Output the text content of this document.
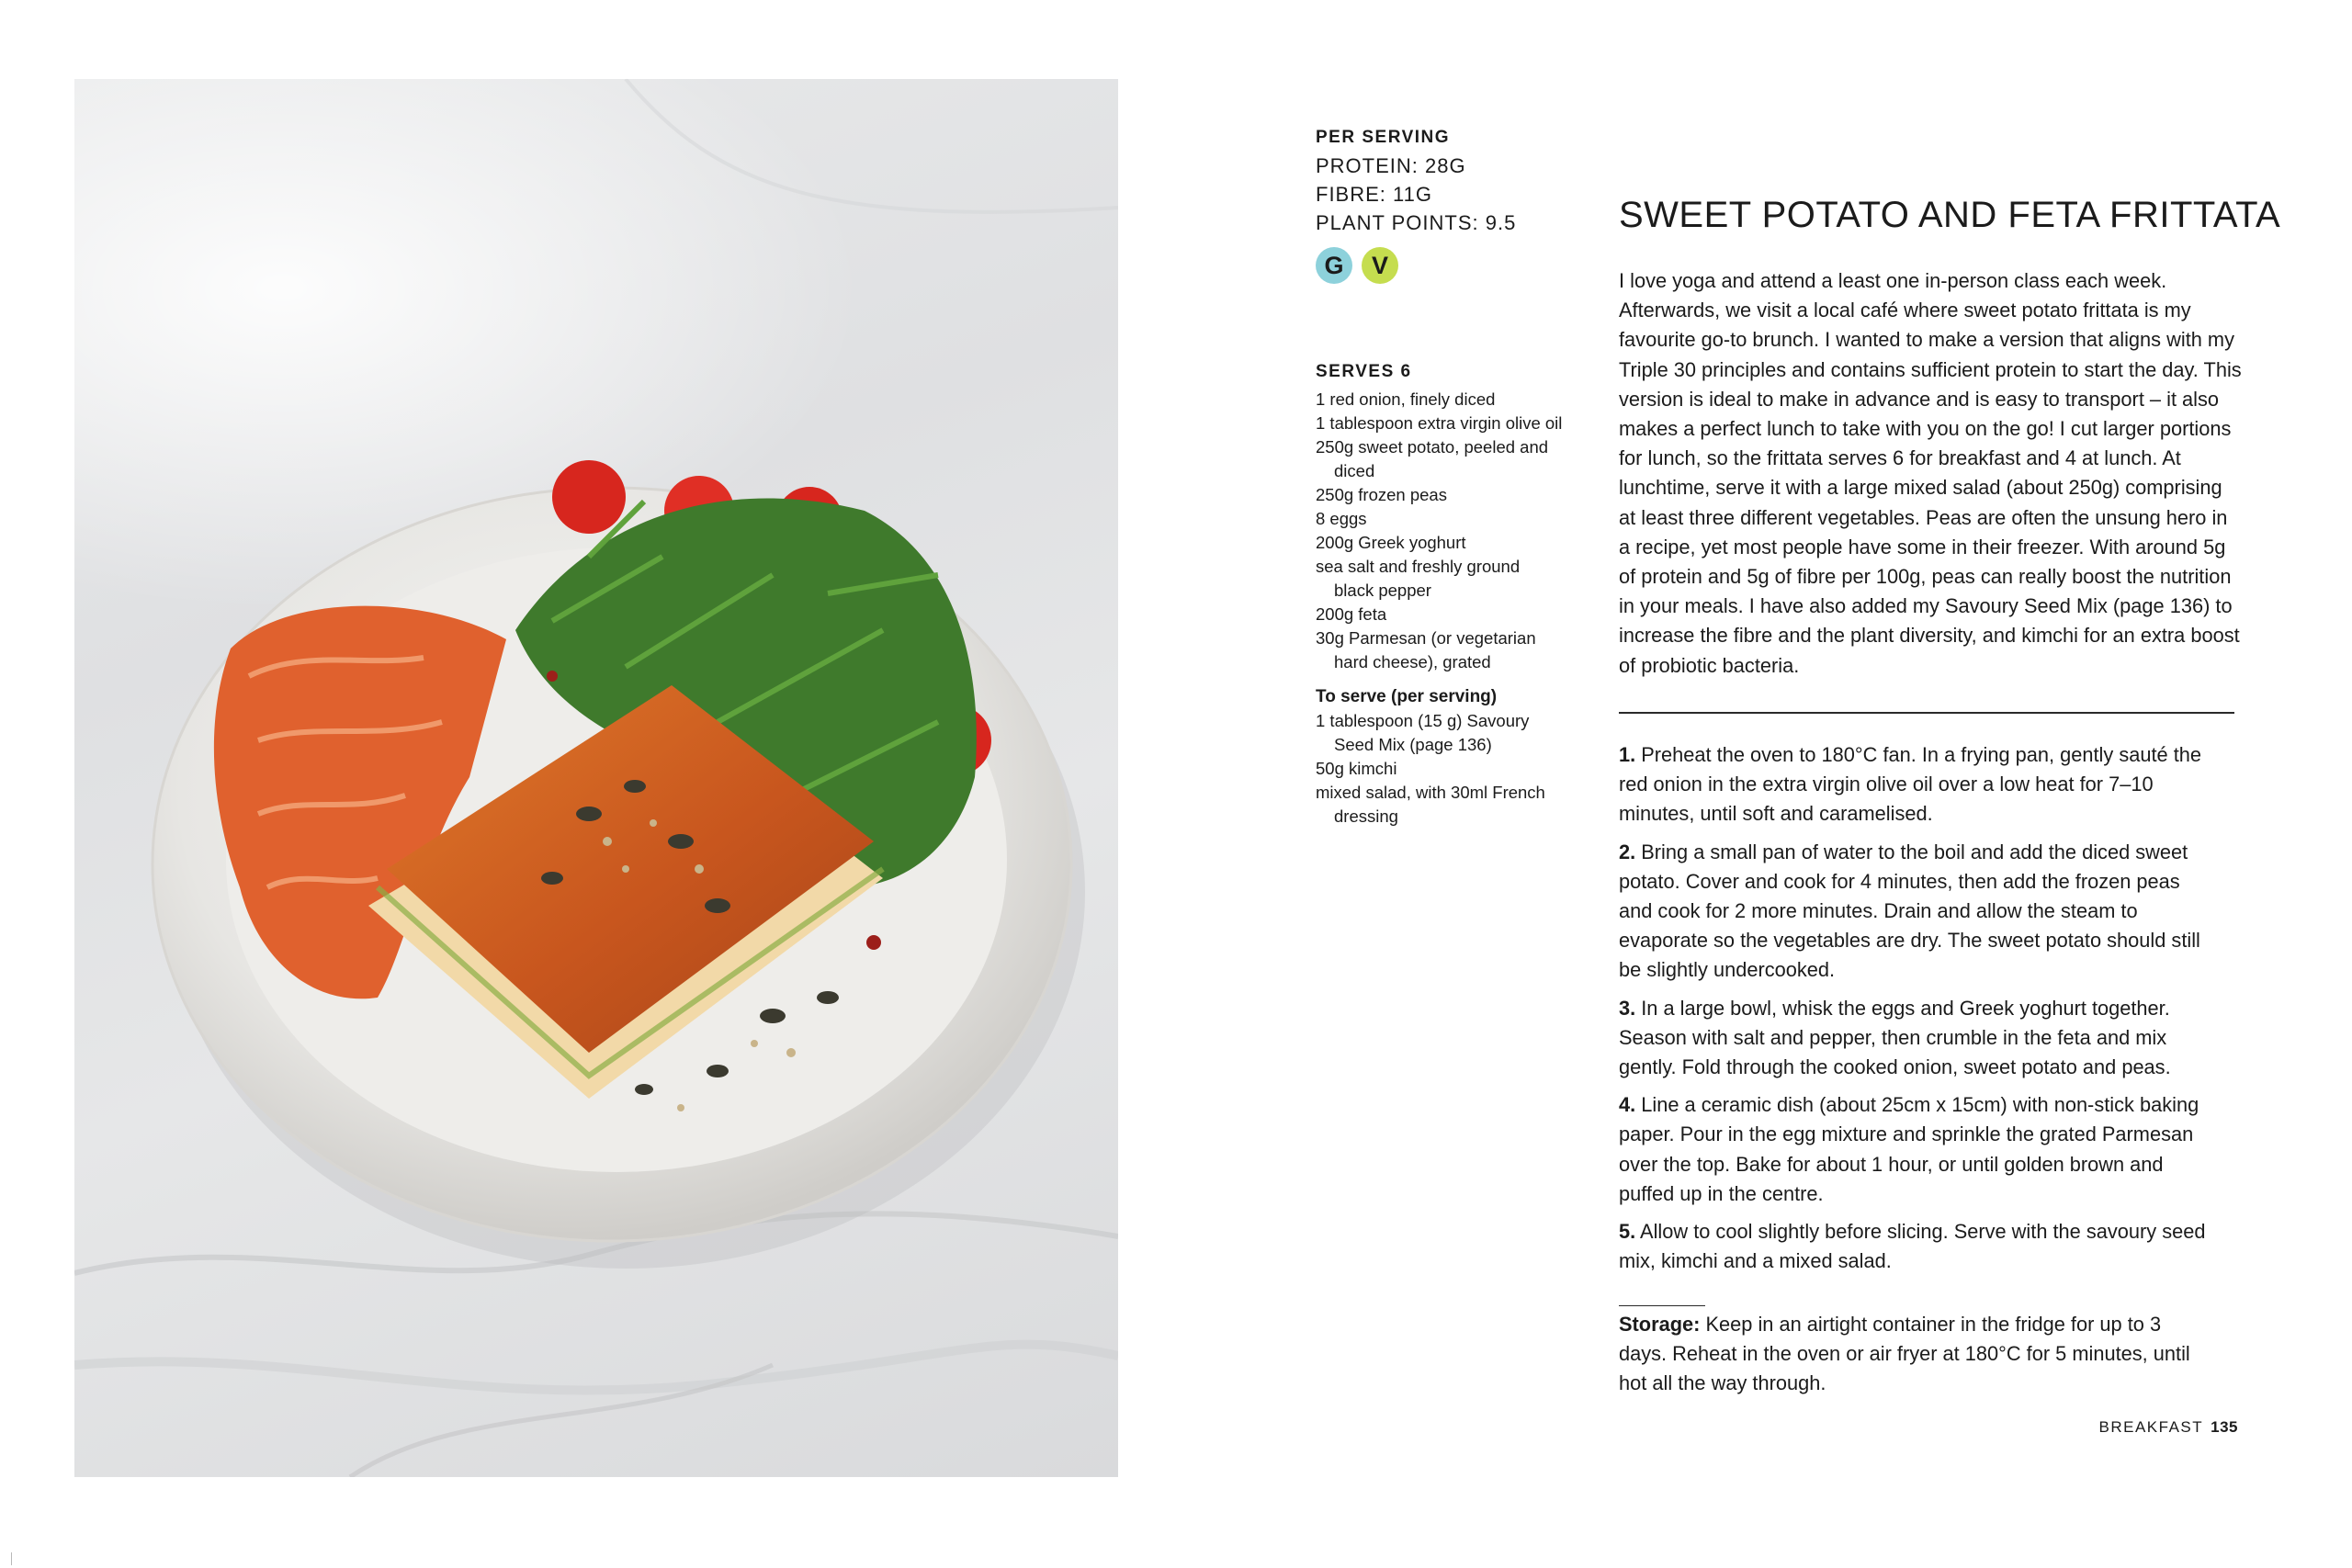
PER SERVING
PROTEIN: 28G
FIBRE: 11G
PLANT POINTS: 9.5
G	V
SERVES 6
1 red onion, finely diced
1 tablespoon extra virgin olive oil
250g sweet potato, peeled and diced
250g frozen peas
8 eggs
200g Greek yoghurt
sea salt and freshly ground black pepper
200g feta
30g Parmesan (or vegetarian hard cheese), grated
To serve (per serving)
1 tablespoon (15 g) Savoury Seed Mix (page 136)
50g kimchi
mixed salad, with 30ml French dressing
SWEET POTATO AND FETA FRITTATA

I love yoga and attend a least one in-person class each week. Afterwards, we visit a local café where sweet potato frittata is my favourite go-to brunch. I wanted to make a version that aligns with my Triple 30 principles and contains sufficient protein to start the day. This version is ideal to make in advance and is easy to transport – it also makes a perfect lunch to take with you on the go! I cut larger portions for lunch, so the frittata serves 6 for breakfast and 4 at lunch. At lunchtime, serve it with a large mixed salad (about 250g) comprising at least three different vegetables. Peas are often the unsung hero in a recipe, yet most people have some in their freezer. With around 5g of protein and 5g of fibre per 100g, peas can really boost the nutrition in your meals. I have also added my Savoury Seed Mix (page 136) to increase the fibre and the plant diversity, and kimchi for an extra boost of probiotic bacteria.

1. Preheat the oven to 180°C fan. In a frying pan, gently sauté the red onion in the extra virgin olive oil over a low heat for 7–10 minutes, until soft and caramelised.

2. Bring a small pan of water to the boil and add the diced sweet potato. Cover and cook for 4 minutes, then add the frozen peas and cook for 2 more minutes. Drain and allow the steam to evaporate so the vegetables are dry. The sweet potato should still be slightly undercooked.

3. In a large bowl, whisk the eggs and Greek yoghurt together. Season with salt and pepper, then crumble in the feta and mix gently. Fold through the cooked onion, sweet potato and peas.

4. Line a ceramic dish (about 25cm x 15cm) with non-stick baking paper. Pour in the egg mixture and sprinkle the grated Parmesan over the top. Bake for about 1 hour, or until golden brown and puffed up in the centre.

5. Allow to cool slightly before slicing. Serve with the savoury seed mix, kimchi and a mixed salad.

Storage: Keep in an airtight container in the fridge for up to 3 days. Reheat in the oven or air fryer at 180°C for 5 minutes, until hot all the way through.

BREAKFAST 135
